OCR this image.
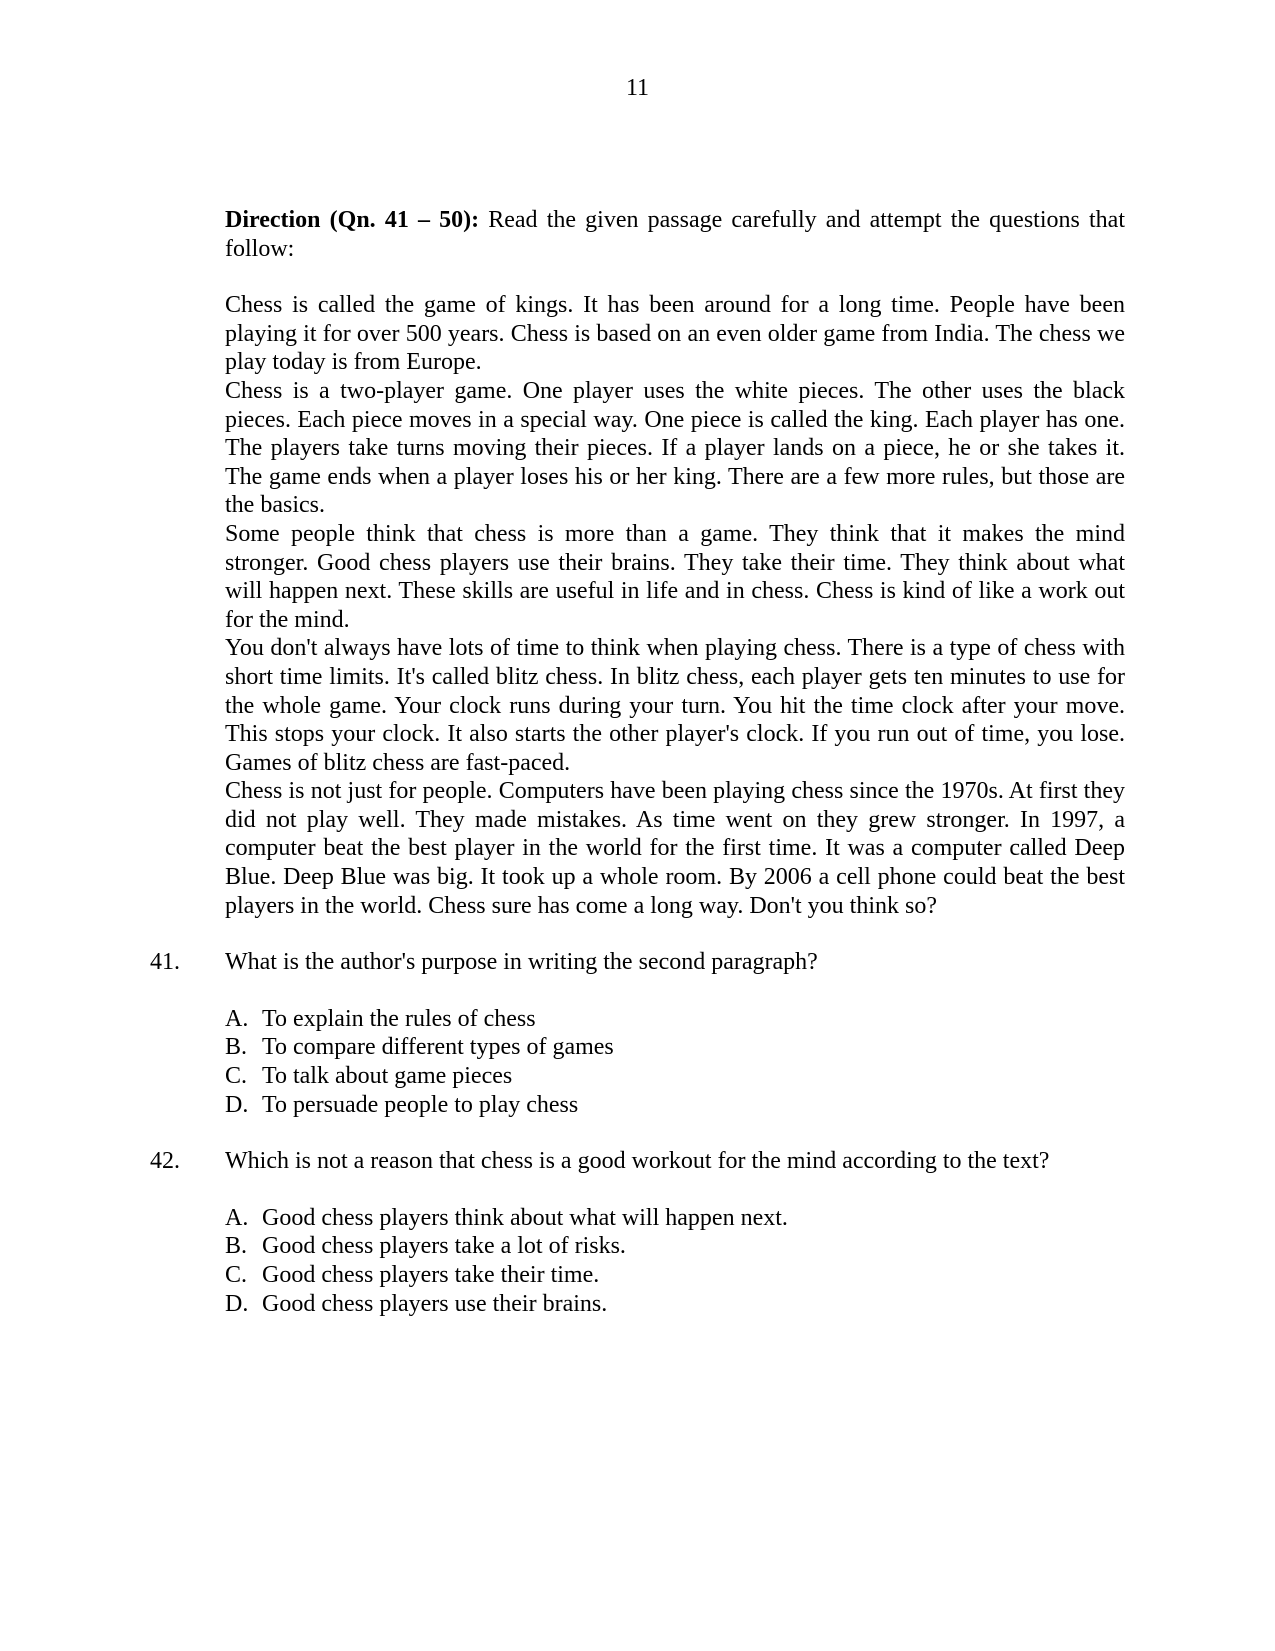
11

Direction (Qn. 41 – 50): Read the given passage carefully and attempt the questions that follow:

Chess is called the game of kings. It has been around for a long time. People have been playing it for over 500 years. Chess is based on an even older game from India. The chess we play today is from Europe.

Chess is a two-player game. One player uses the white pieces. The other uses the black pieces. Each piece moves in a special way. One piece is called the king. Each player has one. The players take turns moving their pieces. If a player lands on a piece, he or she takes it. The game ends when a player loses his or her king. There are a few more rules, but those are the basics.

Some people think that chess is more than a game. They think that it makes the mind stronger. Good chess players use their brains. They take their time. They think about what will happen next. These skills are useful in life and in chess. Chess is kind of like a work out for the mind.

You don't always have lots of time to think when playing chess. There is a type of chess with short time limits. It's called blitz chess. In blitz chess, each player gets ten minutes to use for the whole game. Your clock runs during your turn. You hit the time clock after your move. This stops your clock. It also starts the other player's clock. If you run out of time, you lose. Games of blitz chess are fast-paced.

Chess is not just for people. Computers have been playing chess since the 1970s. At first they did not play well. They made mistakes. As time went on they grew stronger. In 1997, a computer beat the best player in the world for the first time. It was a computer called Deep Blue. Deep Blue was big. It took up a whole room. By 2006 a cell phone could beat the best players in the world. Chess sure has come a long way. Don't you think so?

41. What is the author's purpose in writing the second paragraph?

A. To explain the rules of chess
B. To compare different types of games
C. To talk about game pieces
D. To persuade people to play chess
42. Which is not a reason that chess is a good workout for the mind according to the text?

A. Good chess players think about what will happen next.
B. Good chess players take a lot of risks.
C. Good chess players take their time.
D. Good chess players use their brains.
